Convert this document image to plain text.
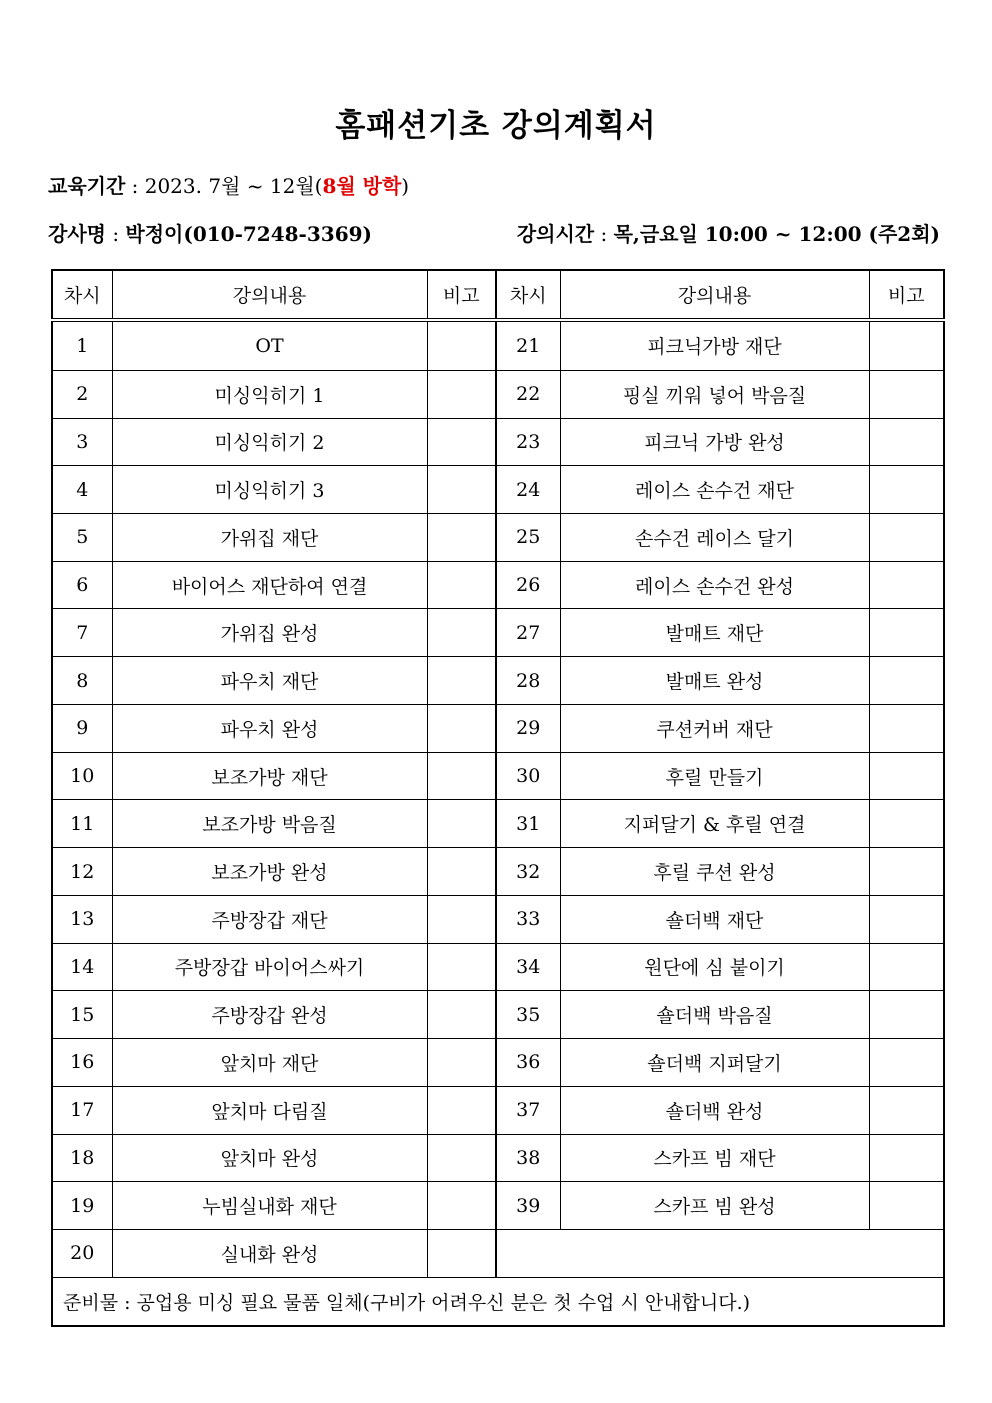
홈패션기초 강의계획서
교육기간 : 2023. 7월 ~ 12월(8월 방학)
강사명 : 박정이(010-7248-3369)	강의시간 : 목,금요일 10:00 ~ 12:00 (주2회)
차시	강의내용	비고	차시	강의내용	비고
1	OT		21	피크닉가방 재단	
2	미싱익히기 1		22	핑실 끼워 넣어 박음질	
3	미싱익히기 2		23	피크닉 가방 완성	
4	미싱익히기 3		24	레이스 손수건 재단	
5	가위집 재단		25	손수건 레이스 달기	
6	바이어스 재단하여 연결		26	레이스 손수건 완성	
7	가위집 완성		27	발매트 재단	
8	파우치 재단		28	발매트 완성	
9	파우치 완성		29	쿠션커버 재단	
10	보조가방 재단		30	후릴 만들기	
11	보조가방 박음질		31	지퍼달기 & 후릴 연결	
12	보조가방 완성		32	후릴 쿠션 완성	
13	주방장갑 재단		33	숄더백 재단	
14	주방장갑 바이어스싸기		34	원단에 심 붙이기	
15	주방장갑 완성		35	숄더백 박음질	
16	앞치마 재단		36	숄더백 지퍼달기	
17	앞치마 다림질		37	숄더백 완성	
18	앞치마 완성		38	스카프 빔 재단	
19	누빔실내화 재단		39	스카프 빔 완성	
20	실내화 완성				
준비물 : 공업용 미싱 필요 물품 일체(구비가 어려우신 분은 첫 수업 시 안내합니다.)					
